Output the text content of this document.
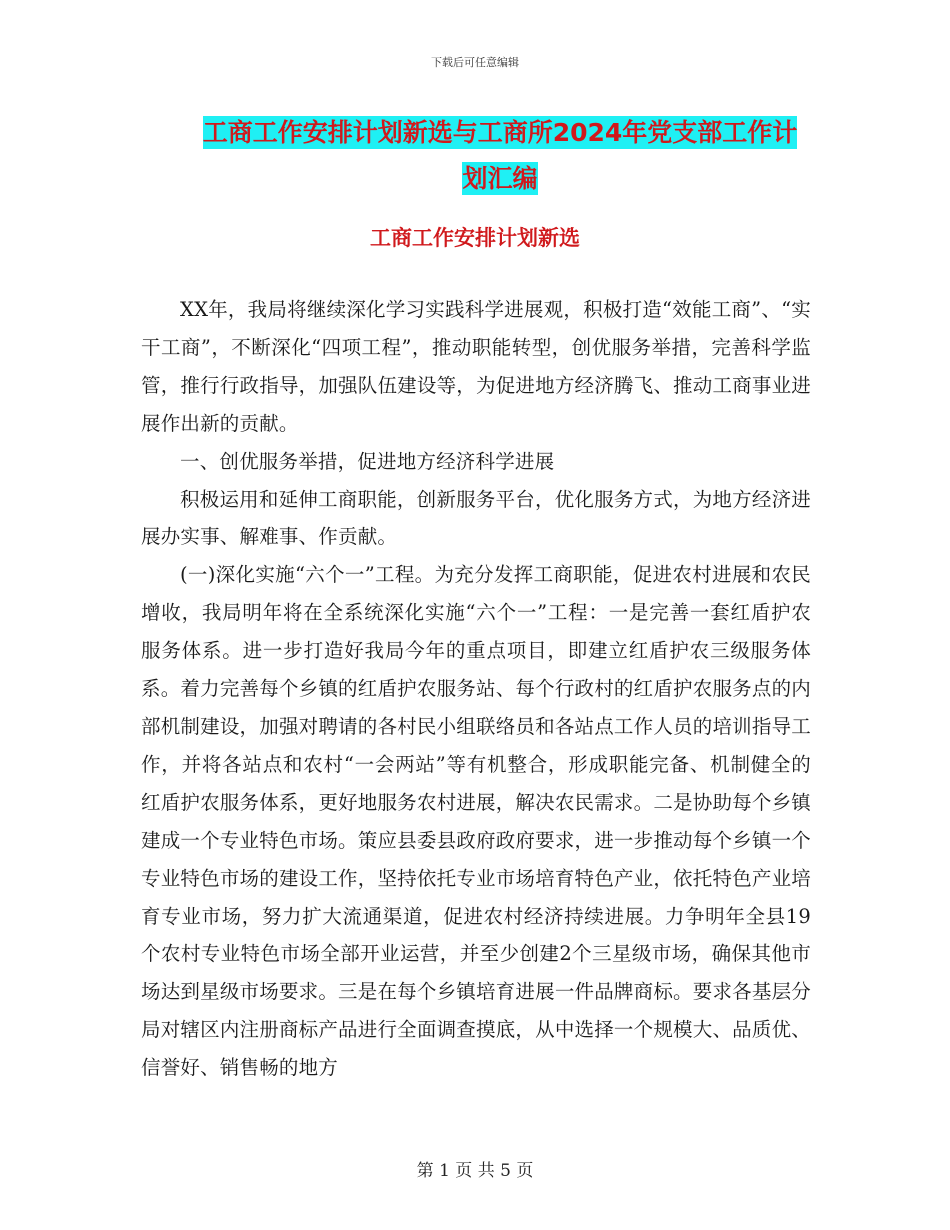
下载后可任意编辑
工商工作安排计划新选与工商所2024年党支部工作计
划汇编
工商工作安排计划新选

XX年，我局将继续深化学习实践科学进展观，积极打造“效能工商”、“实干工商”，不断深化“四项工程”，推动职能转型，创优服务举措，完善科学监管，推行行政指导，加强队伍建设等，为促进地方经济腾飞、推动工商事业进展作出新的贡献。

一、创优服务举措，促进地方经济科学进展

积极运用和延伸工商职能，创新服务平台，优化服务方式，为地方经济进展办实事、解难事、作贡献。

(一)深化实施“六个一”工程。为充分发挥工商职能，促进农村进展和农民增收，我局明年将在全系统深化实施“六个一”工程：一是完善一套红盾护农服务体系。进一步打造好我局今年的重点项目，即建立红盾护农三级服务体系。着力完善每个乡镇的红盾护农服务站、每个行政村的红盾护农服务点的内部机制建设，加强对聘请的各村民小组联络员和各站点工作人员的培训指导工作，并将各站点和农村“一会两站”等有机整合，形成职能完备、机制健全的红盾护农服务体系，更好地服务农村进展，解决农民需求。二是协助每个乡镇建成一个专业特色市场。策应县委县政府政府要求，进一步推动每个乡镇一个专业特色市场的建设工作，坚持依托专业市场培育特色产业，依托特色产业培育专业市场，努力扩大流通渠道，促进农村经济持续进展。力争明年全县19个农村专业特色市场全部开业运营，并至少创建2个三星级市场，确保其他市场达到星级市场要求。三是在每个乡镇培育进展一件品牌商标。要求各基层分局对辖区内注册商标产品进行全面调查摸底，从中选择一个规模大、品质优、信誉好、销售畅的地方

第 1 页 共 5 页
